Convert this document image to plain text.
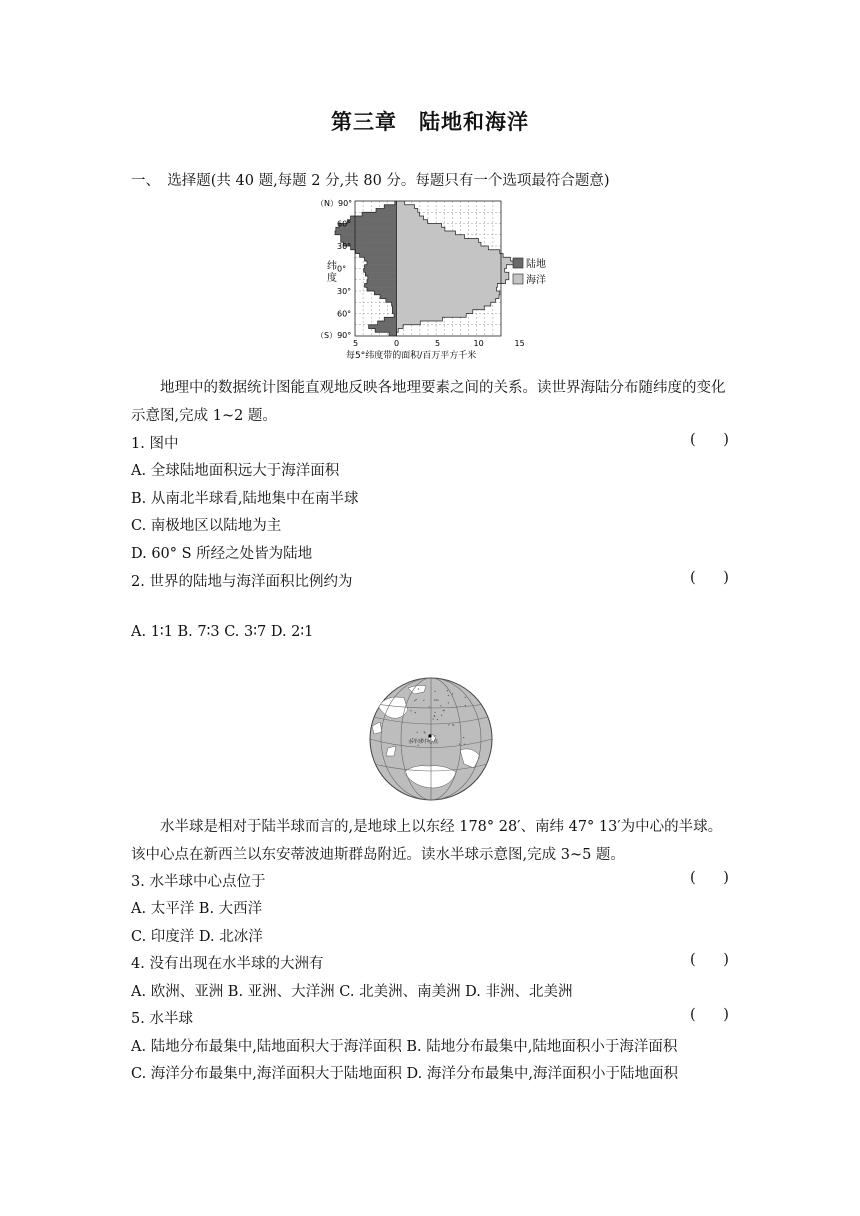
第三章　陆地和海洋
一、　选择题(共 40 题,每题 2 分,共 80 分。每题只有一个选项最符合题意)
（N）90°
（S）90°
60°
30°
0°
30°
60°
纬
度
5	0	5	10	15
每5°纬度带的面积/百万平方千米
陆地
海洋
地理中的数据统计图能直观地反映各地理要素之间的关系。读世界海陆分布随纬度的变化示意图,完成 1~2 题。
1. 图中	(      )
A. 全球陆地面积远大于海洋面积
B. 从南北半球看,陆地集中在南半球
C. 南极地区以陆地为主
D. 60° S 所经之处皆为陆地
2. 世界的陆地与海洋面积比例约为	(      )
A. 1∶1 B. 7∶3 C. 3∶7 D. 2∶1
水半球中心点
水半球是相对于陆半球而言的,是地球上以东经 178° 28′、南纬 47° 13′为中心的半球。该中心点在新西兰以东安蒂波迪斯群岛附近。读水半球示意图,完成 3~5 题。
3. 水半球中心点位于	(      )
A. 太平洋 B. 大西洋
C. 印度洋 D. 北冰洋
4. 没有出现在水半球的大洲有	(      )
A. 欧洲、亚洲 B. 亚洲、大洋洲 C. 北美洲、南美洲 D. 非洲、北美洲
5. 水半球	(      )
A. 陆地分布最集中,陆地面积大于海洋面积 B. 陆地分布最集中,陆地面积小于海洋面积
C. 海洋分布最集中,海洋面积大于陆地面积 D. 海洋分布最集中,海洋面积小于陆地面积
